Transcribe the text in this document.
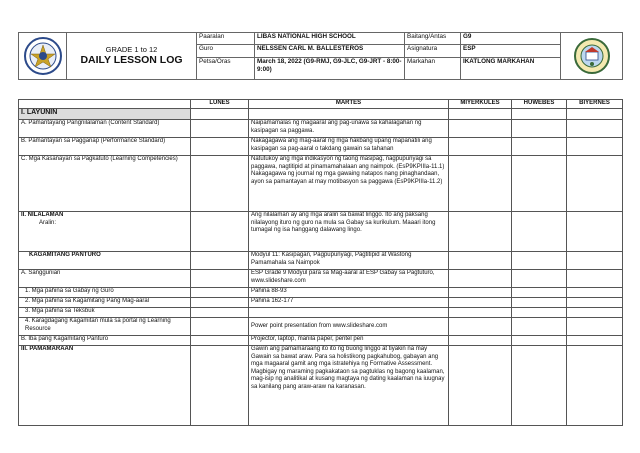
GRADE 1 to 12
DAILY LESSON LOG	Paaralan	LIBAS NATIONAL HIGH SCHOOL	Baitang/Antas	G9	

		Guro	NELSSEN CARL M. BALLESTEROS	Asignatura	ESP	
		Petsa/Oras	March 18, 2022 (G9-RMJ, G9-JLC, G9-JRT - 8:00-9:00)	Markahan	IKATLONG MARKAHAN	
	LUNES	MARTES	MIYERKULES	HUWEBES	BIYERNES
I. LAYUNIN					
A. Pamantayang Pangnilalaman (Content Standard)		Naipamamalas ng magaaral ang pag-unawa sa kahalagahan ng kasipagan sa paggawa.			
B. Pamantayan sa Pagganap (Performance Standard)		Nakagagawa ang mag-aaral ng mga hakbang upang mapanatili ang kasipagan sa pag-aaral o takdang gawain sa tahanan			
C. Mga Kasanayan sa Pagkatuto (Learning Competencies)		Natutukoy ang mga indikasyon ng taong masipag, nagpupunyagi sa paggawa, nagtitipid at pinamamahalaan ang naimpok. (EsP9KPIIIa-11.1)
Nakagagawa ng journal ng mga gawaing natapos nang pinaghandaan, ayon sa pamantayan at may motibasyon sa paggawa (EsP9KPIIIa-11.2)			

II. NILALAMAN
Aralin:		Ang nilalaman ay ang mga aralin sa bawat linggo. Ito ang paksang nilalayong ituro ng guro na mula sa Gabay sa kurikulum. Maaari itong tumagal ng isa hanggang dalawang lingo.			
KAGAMITANG PANTURO		Modyul 11: Kasipagan, Pagpupunyagi, Pagtitipid at Wastong Pamamahala sa Naimpok			
A. Sanggunian		ESP Grade 9 Modyul para sa Mag-aaral at ESP Gabay sa Pagtuturo, www.slideshare.com			
1. Mga pahina sa Gabay ng Guro		Pahina 88-93			
2. Mga pahina sa Kagamitang Pang Mag-aaral		Pahina 162-177			
3. Mga pahina sa Teksbuk					
4. Karagdagang Kagamitan mula sa portal ng Learning Resource		Power point presentation from www.slideshare.com			
B. Iba pang Kagamitang Panturo		Projector, laptop, manila paper, pentel pen			
III. PAMAMARAAN		Gawin ang pamamaraang ito ito ng buong linggo at tiyakin na may Gawain sa bawat araw. Para sa holistikong pagkahubog, gabayan ang mga magaaral gamit ang mga istratehiya ng Formative Assessment. Magbigay ng maraming pagkakataon sa pagtuklas ng bagong kaalaman, mag-isip ng analitikal at kusang magtaya ng dating kaalaman na iuugnay sa kanilang pang araw-araw na karanasan.			
